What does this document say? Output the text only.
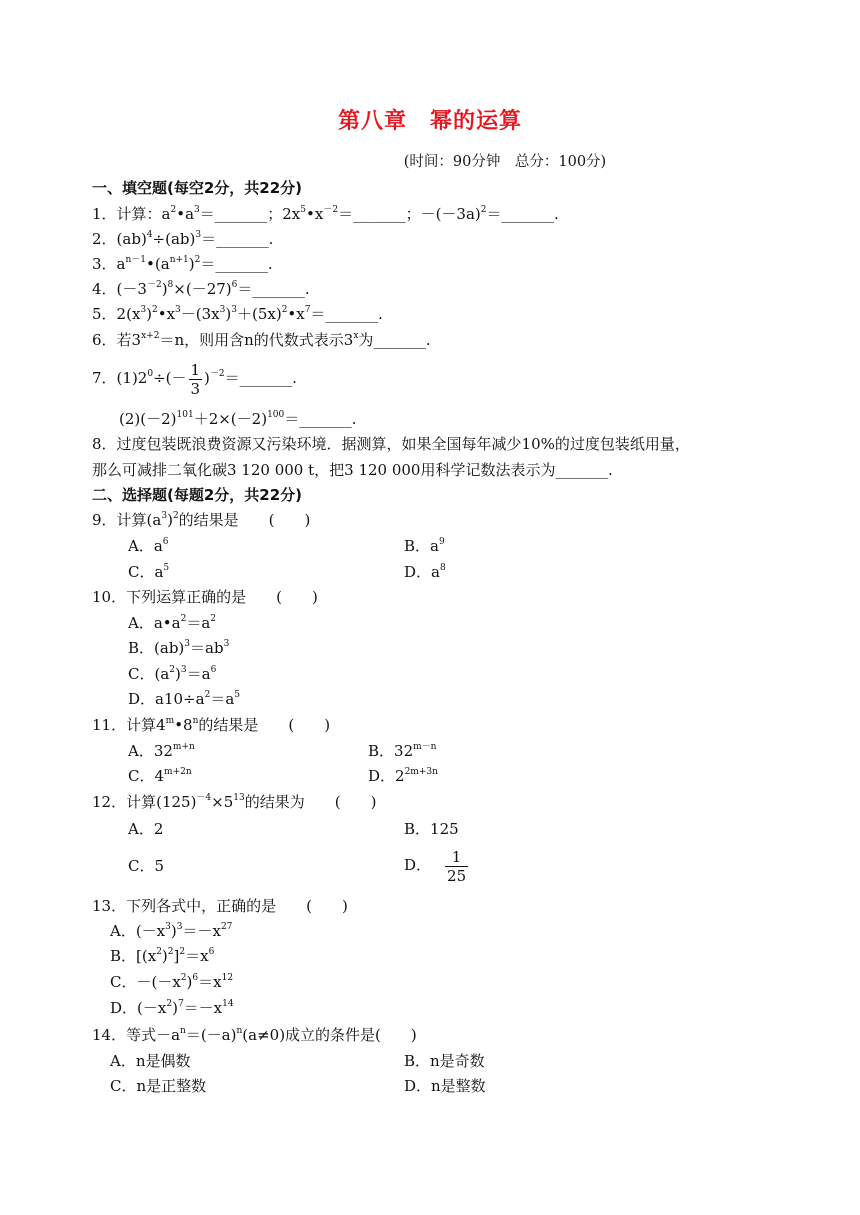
第八章　幂的运算
(时间：90分钟　总分：100分)
一、填空题(每空2分，共22分)
1．计算：$a^2•a^3=\_\_\_\_\_\_\_$；$2x^5•x^{-2}=\_\_\_\_\_\_\_$；$-(-3a)^2=\_\_\_\_\_\_\_$.
2．(ab)$^4$÷(ab)$^3$＝_______.
3．$a^{n-1}•(a^{n+1})^2=\_\_\_\_\_\_\_$.
4．$(-3^{-2})^8\times(-27)^6=\_\_\_\_\_\_\_$.
5．$2(x^3)^2•x^3-(3x^3)^3+(5x)^2•x^7=\_\_\_\_\_\_\_$.
6．若$3^{x+2}=n$，则用含n的代数式表示3$^x$为_______.
7．$(1)2^0\div(- \frac{1}{3}$ )$^{-2}=\_\_\_\_\_\_\_$.
$(2)(-2)^{101}+2\times(-2)^{100}=\_\_\_\_\_\_\_$.
8．过度包装既浪费资源又污染环境．据测算，如果全国每年减少10%的过度包装纸用量，
那么可减排二氧化碳3 120 000 t，把3 120 000用科学记数法表示为_______.
二、选择题(每题2分，共22分)
9．计算$(a^3)^2$的结果是　　(　　)
A．$a^6$	B．$a^9$
C．$a^5$	D．$a^8$
10．下列运算正确的是　　(　　)
A．$a•a^2=a^2$
B．$(ab)^3=ab^3$
C．$(a^2)^3=a^6$
D．$a10\div a^2=a^5$
11．计算4$^m$•8$^n$的结果是　　(　　)
A．$32^{m+n}$	B．$32^{m-n}$
C．$4^{m+2n}$	D．$2^{2m+3n}$
12．计算$(125)^{-4}\times 5^{13}$的结果为　　(　　)
A．2	B．125
C．5	D． $\frac{1}{25}$
13．下列各式中，正确的是　　(　　)
A．$(-x^3)^3=-x^{27}$
B．$[(x^2)^2]^2=x^6$
C．$-(-x^2)^6=x^{12}$
D．$(-x^2)^7=-x^{14}$
14．等式$-a^n=(-a)^n(a\ne 0)$成立的条件是(　　)
A．n是偶数	B．n是奇数
C．n是正整数	D．n是整数
